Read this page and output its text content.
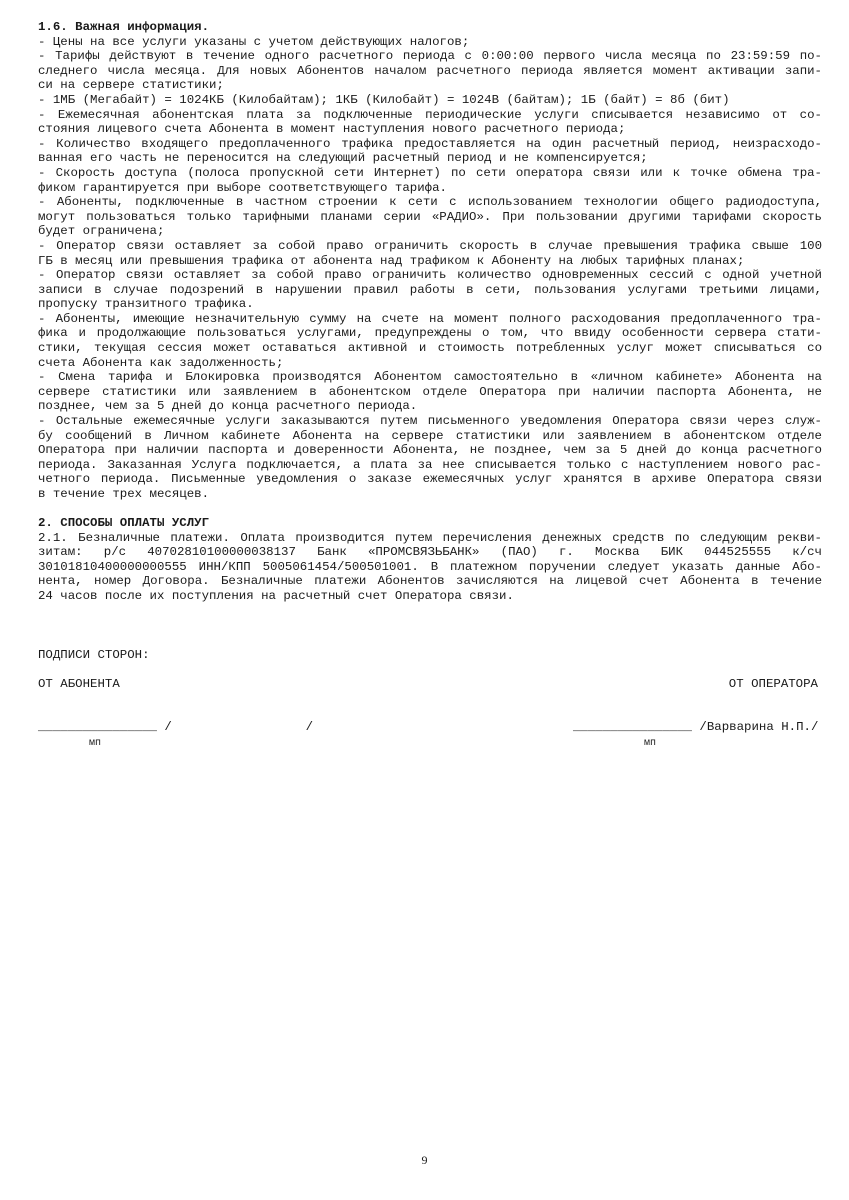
1.6. Важная информация.
- Цены на все услуги указаны с учетом действующих налогов;
- Тарифы действуют в течение одного расчетного периода с 0:00:00 первого числа месяца по 23:59:59 по-
следнего числа месяца. Для новых Абонентов началом расчетного периода является момент активации запи-
си на сервере статистики;
- 1МБ (Мегабайт) = 1024КБ (Килобайтам); 1КБ (Килобайт) = 1024В (байтам); 1Б (байт) = 8б (бит)
- Ежемесячная абонентская плата за подключенные периодические услуги списывается независимо от со-
стояния лицевого счета Абонента в момент наступления нового расчетного периода;
- Количество входящего предоплаченного трафика предоставляется на один расчетный период, неизрасходо-
ванная его часть не переносится на следующий расчетный период и не компенсируется;
- Скорость доступа (полоса пропускной сети Интернет) по сети оператора связи или к точке обмена тра-
фиком гарантируется при выборе соответствующего тарифа.
- Абоненты, подключенные в частном строении к сети с использованием технологии общего радиодоступа,
могут пользоваться только тарифными планами серии «РАДИО». При пользовании другими тарифами скорость
будет ограничена;
- Оператор связи оставляет за собой право ограничить скорость в случае превышения трафика свыше 100
ГБ в месяц или превышения трафика от абонента над трафиком к Абоненту на любых тарифных планах;
- Оператор связи оставляет за собой право ограничить количество одновременных сессий с одной учетной
записи в случае подозрений в нарушении правил работы в сети, пользования услугами третьими лицами,
пропуску транзитного трафика.
- Абоненты, имеющие незначительную сумму на счете на момент полного расходования предоплаченного тра-
фика и продолжающие пользоваться услугами, предупреждены о том, что ввиду особенности сервера стати-
стики, текущая сессия может оставаться активной и стоимость потребленных услуг может списываться со
счета Абонента как задолженность;
- Смена тарифа и Блокировка производятся Абонентом самостоятельно в «личном кабинете» Абонента на
сервере статистики или заявлением в абонентском отделе Оператора при наличии паспорта Абонента, не
позднее, чем за 5 дней до конца расчетного периода.
- Остальные ежемесячные услуги заказываются путем письменного уведомления Оператора связи через служ-
бу сообщений в Личном кабинете Абонента на сервере статистики или заявлением в абонентском отделе
Оператора при наличии паспорта и доверенности Абонента, не позднее, чем за 5 дней до конца расчетного
периода. Заказанная Услуга подключается, а плата за нее списывается только с наступлением нового рас-
четного периода. Письменные уведомления о заказе ежемесячных услуг хранятся в архиве Оператора связи
в течение трех месяцев.
2. СПОСОБЫ ОПЛАТЫ УСЛУГ
2.1. Безналичные платежи. Оплата производится путем перечисления денежных средств по следующим рекви-
зитам: р/с 40702810100000038137 Банк «ПРОМСВЯЗЬБАНК» (ПАО) г. Москва БИК 044525555 к/сч
30101810400000000555 ИНН/КПП 5005061454/500501001. В платежном поручении следует указать данные Або-
нента, номер Договора. Безналичные платежи Абонентов зачисляются на лицевой счет Абонента в течение
24 часов после их поступления на расчетный счет Оператора связи.
ПОДПИСИ СТОРОН:
ОТ АБОНЕНТА	ОТ ОПЕРАТОРА
________________ /                  /	________________ /Варварина Н.П./
мп	мп
9
